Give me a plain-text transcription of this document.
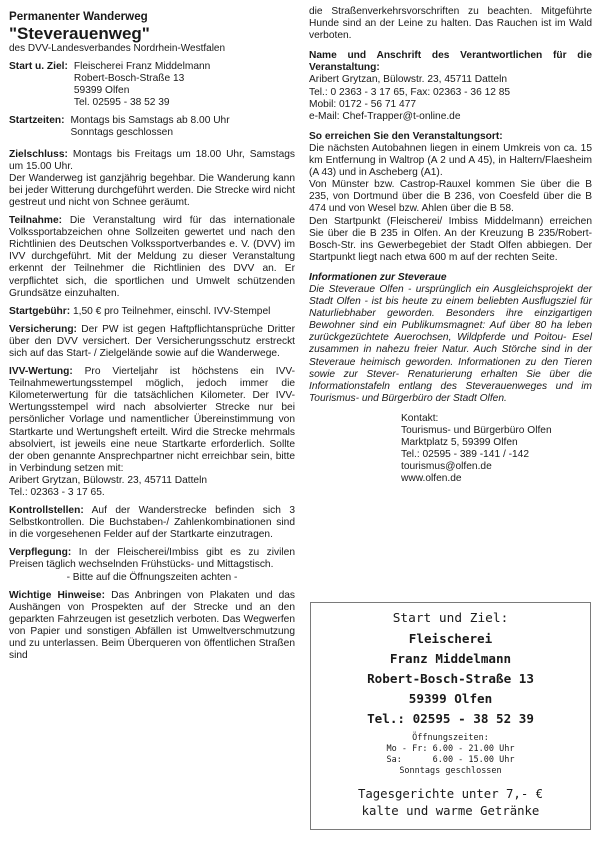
Permanenter Wanderweg
"Steverauenweg"
des DVV-Landesverbandes Nordrhein-Westfalen
Start u. Ziel:	Fleischerei Franz Middelmann
Robert-Bosch-Straße 13
59399 Olfen
Tel. 02595 - 38 52 39
Startzeiten:	Montags bis Samstags ab 8.00 Uhr
Sonntags geschlossen

Zielschluss: Montags bis Freitags um 18.00 Uhr, Samstags um 15.00 Uhr.

Der Wanderweg ist ganzjährig begehbar. Die Wanderung kann bei jeder Witterung durchgeführt werden. Die Strecke wird nicht gestreut und nicht von Schnee geräumt.

Teilnahme: Die Veranstaltung wird für das internationale Volkssportabzeichen ohne Sollzeiten gewertet und nach den Richtlinien des Deutschen Volkssportverbandes e. V. (DVV) im IVV durchgeführt. Mit der Meldung zu dieser Veranstaltung erkennt der Teilnehmer die Richtlinien des DVV an. Er verpflichtet sich, die sportlichen und Umwelt schützenden Grundsätze einzuhalten.

Startgebühr: 1,50 € pro Teilnehmer, einschl. IVV-Stempel

Versicherung: Der PW ist gegen Haftpflichtansprüche Dritter über den DVV versichert. Der Versicherungsschutz erstreckt sich auf das Start- / Zielgelände sowie auf die Wanderwege.

IVV-Wertung: Pro Vierteljahr ist höchstens ein IVV-Teilnahmewertungsstempel möglich, jedoch immer die Kilometerwertung für die tatsächlichen Kilometer. Der IVV-Wertungsstempel wird nach absolvierter Strecke nur bei persönlicher Vorlage und namentlicher Übereinstimmung von Startkarte und Wertungsheft erteilt. Wird die Strecke mehrmals absolviert, ist jeweils eine neue Startkarte erforderlich. Sollte der oben genannte Ansprechpartner nicht erreichbar sein, bitte in Verbindung setzen mit:

Aribert Grytzan, Bülowstr. 23, 45711 Datteln

Tel.: 02363 - 3 17 65.

Kontrollstellen: Auf der Wanderstrecke befinden sich 3 Selbstkontrollen. Die Buchstaben-/ Zahlenkombinationen sind in die vorgesehenen Felder auf der Startkarte einzutragen.

Verpflegung: In der Fleischerei/Imbiss gibt es zu zivilen Preisen täglich wechselnden Frühstücks- und Mittagstisch.

- Bitte auf die Öffnungszeiten achten -

Wichtige Hinweise: Das Anbringen von Plakaten und das Aushängen von Prospekten auf der Strecke und an den geparkten Fahrzeugen ist gesetzlich verboten. Das Wegwerfen von Papier und sonstigen Abfällen ist Umweltverschmutzung und zu unterlassen. Beim Überqueren von öffentlichen Straßen sind

die Straßenverkehrsvorschriften zu beachten. Mitgeführte Hunde sind an der Leine zu halten. Das Rauchen ist im Wald verboten.

Name und Anschrift des Verantwortlichen für die Veranstaltung:

Aribert Grytzan, Bülowstr. 23, 45711 Datteln
Tel.: 0 2363 - 3 17 65, Fax: 02363 - 36 12 85
Mobil: 0172 - 56 71 477
e-Mail: Chef-Trapper@t-online.de

So erreichen Sie den Veranstaltungsort:

Die nächsten Autobahnen liegen in einem Umkreis von ca. 15 km Entfernung in Waltrop (A 2 und A 45), in Haltern/Flaesheim (A 43) und in Ascheberg (A1).

Von Münster bzw. Castrop-Rauxel kommen Sie über die B 235, von Dortmund über die B 236, von Coesfeld über die B 474 und von Wesel bzw. Ahlen über die B 58.

Den Startpunkt (Fleischerei/ Imbiss Middelmann) erreichen Sie über die B 235 in Olfen. An der Kreuzung B 235/Robert-Bosch-Str. ins Gewerbegebiet der Stadt Olfen abbiegen. Der Startpunkt liegt nach etwa 600 m auf der rechten Seite.

Informationen zur Steveraue

Die Steveraue Olfen - ursprünglich ein Ausgleichsprojekt der Stadt Olfen - ist bis heute zu einem beliebten Ausflugsziel für Naturliebhaber geworden. Besonders ihre einzigartigen Bewohner sind ein Publikumsmagnet: Auf über 80 ha leben zurückgezüchtete Auerochsen, Wildpferde und Poitou- Esel zusammen in nahezu freier Natur. Auch Störche sind in der Steveraue heimisch geworden. Informationen zu den Tieren sowie zur Stever- Renaturierung erhalten Sie über die Informationstafeln entlang des Steverauenweges und im Tourismus- und Bürgerbüro der Stadt Olfen.

Kontakt:
Tourismus- und Bürgerbüro Olfen
Marktplatz 5, 59399 Olfen
Tel.: 02595 - 389 -141 / -142
tourismus@olfen.de
www.olfen.de
Start und Ziel:
Fleischerei
Franz Middelmann
Robert-Bosch-Straße 13
59399 Olfen
Tel.: 02595 - 38 52 39
Öffnungszeiten:
Mo - Fr: 6.00 - 21.00 Uhr
Sa:      6.00 - 15.00 Uhr
Sonntags geschlossen
Tagesgerichte unter 7,- €
kalte und warme Getränke
